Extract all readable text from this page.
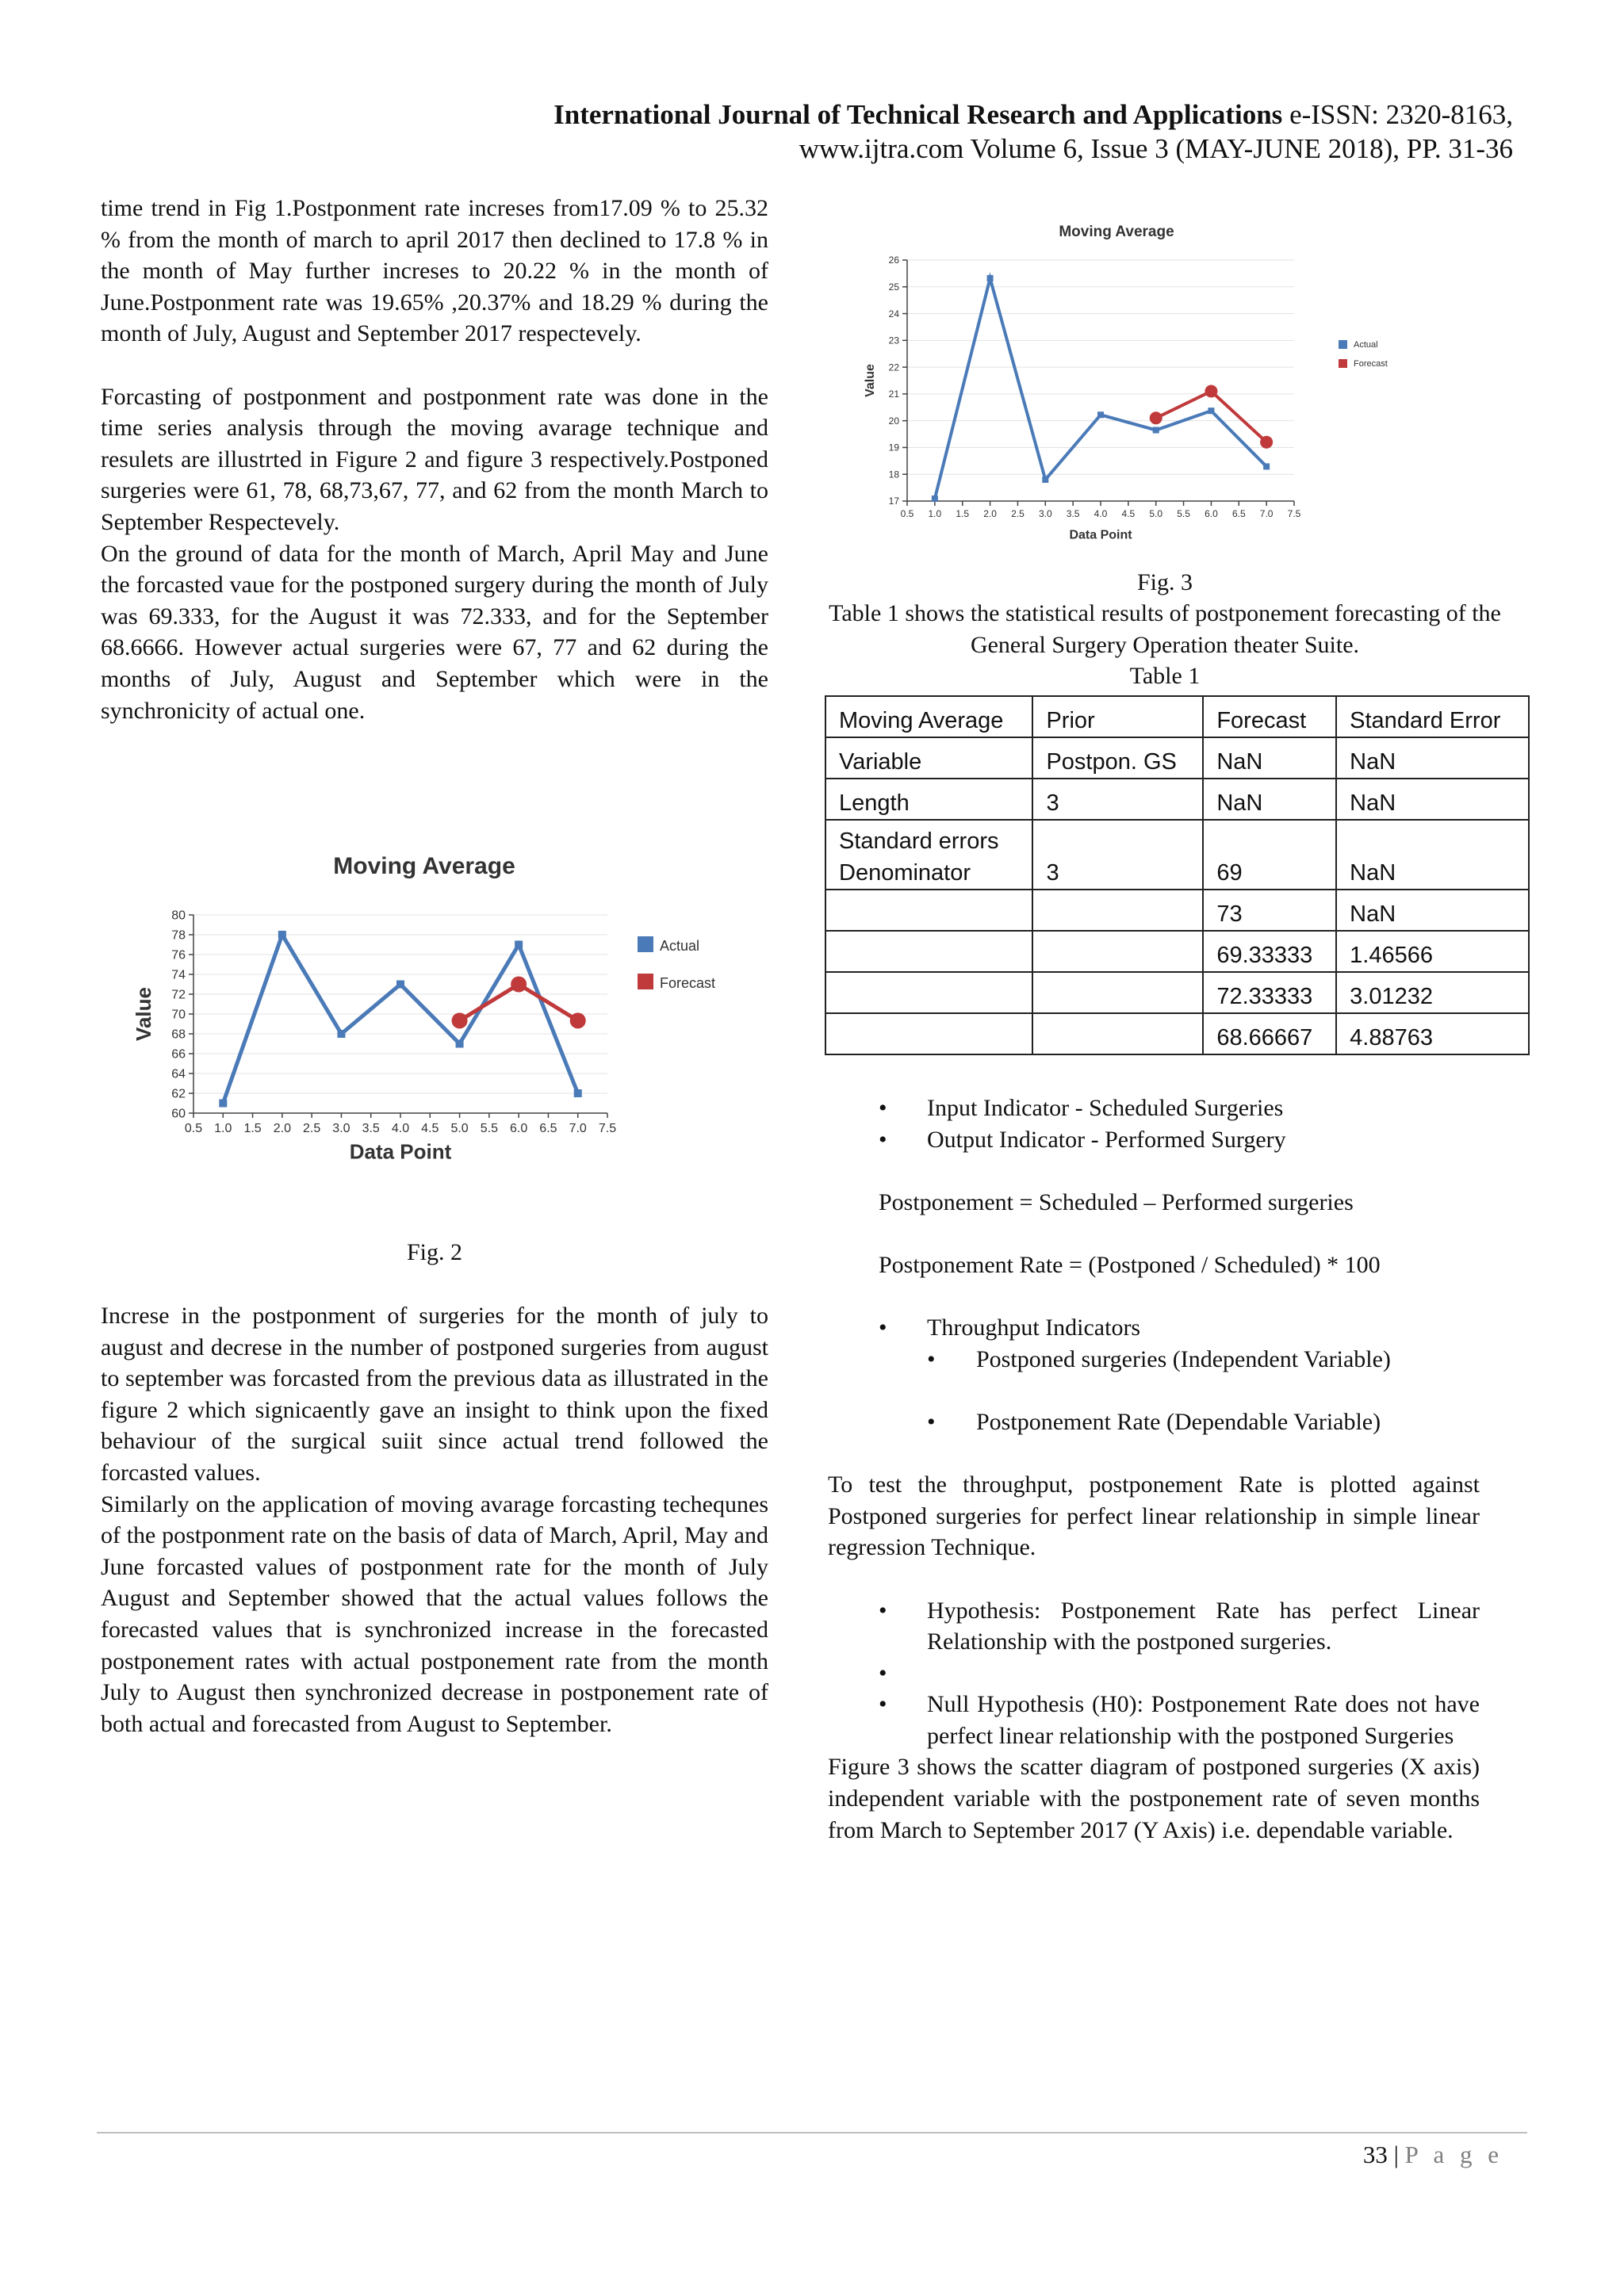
International Journal of Technical Research and Applications e-ISSN: 2320-8163,
www.ijtra.com Volume 6, Issue 3 (MAY-JUNE 2018), PP. 31-36

time trend in Fig 1.Postponment rate increses from17.09 % to 25.32 % from the month of march to april 2017 then declined to 17.8 % in the month of May further increses to 20.22 % in the month of June.Postponment rate was 19.65% ,20.37% and 18.29 % during the month of July, August and September 2017 respectevely.

Forcasting of postponment and postponment rate was done in the time series analysis through the moving avarage technique and resulets are illustrted in Figure 2 and figure 3 respectively.Postponed surgeries were 61, 78, 68,73,67, 77, and 62 from the month March to September Respectevely.

On the ground of data for the month of March, April May and June the forcasted vaue for the postponed surgery during the month of July was 69.333, for the August it was 72.333, and for the September 68.6666. However actual surgeries were 67, 77 and 62 during the months of July, August and September which were in the synchronicity of actual one.

Moving Average
60
62
64
66
68
70
72
74
76
78
80
0.5 1.0 1.5 2.0 2.5 3.0 3.5 4.0 4.5 5.0 5.5 6.0 6.5 7.0 7.5
Data Point
Value
Actual
Forecast
Fig. 2

Increse in the postponment of surgeries for the month of july to august and decrese in the number of postponed surgeries from august to september was forcasted from the previous data as illustrated in the figure 2 which signicaently gave an insight to think upon the fixed behaviour of the surgical suiit since actual trend followed the forcasted values.

Similarly on the application of moving avarage forcasting techequnes of the postponment rate on the basis of data of March, April, May and June forcasted values of postponment rate for the month of July August and September showed that the actual values follows the forecasted values that is synchronized increase in the forecasted postponement rates with actual postponement rate from the month July to August then synchronized decrease in postponement rate of both actual and forecasted from August to September.

Moving Average
17
18
19
20
21
22
23
24
25
26
0.5 1.0 1.5 2.0 2.5 3.0 3.5 4.0 4.5 5.0 5.5 6.0 6.5 7.0 7.5
Data Point
Value
Actual
Forecast
Fig. 3
Table 1 shows the statistical results of postponement forecasting of the General Surgery Operation theater Suite.
Table 1
Moving Average	Prior	Forecast	Standard Error
Variable	Postpon. GS	NaN	NaN
Length	3	NaN	NaN
Standard errors
Denominator	3	69	NaN
		73	NaN
		69.33333	1.46566
		72.33333	3.01232
		68.66667	4.88763
• Input Indicator - Scheduled Surgeries
• Output Indicator - Performed Surgery

Postponement = Scheduled – Performed surgeries

Postponement Rate = (Postponed / Scheduled) * 100

• Throughput Indicators
• Postponed surgeries (Independent Variable)
• Postponement Rate (Dependable Variable)

To test the throughput, postponement Rate is plotted against Postponed surgeries for perfect linear relationship in simple linear regression Technique.

• Hypothesis: Postponement Rate has perfect Linear Relationship with the postponed surgeries.
•
• Null Hypothesis (H0): Postponement Rate does not have perfect linear relationship with the postponed Surgeries

Figure 3 shows the scatter diagram of postponed surgeries (X axis) independent variable with the postponement rate of seven months from March to September 2017 (Y Axis) i.e. dependable variable.

33 | P a g e
